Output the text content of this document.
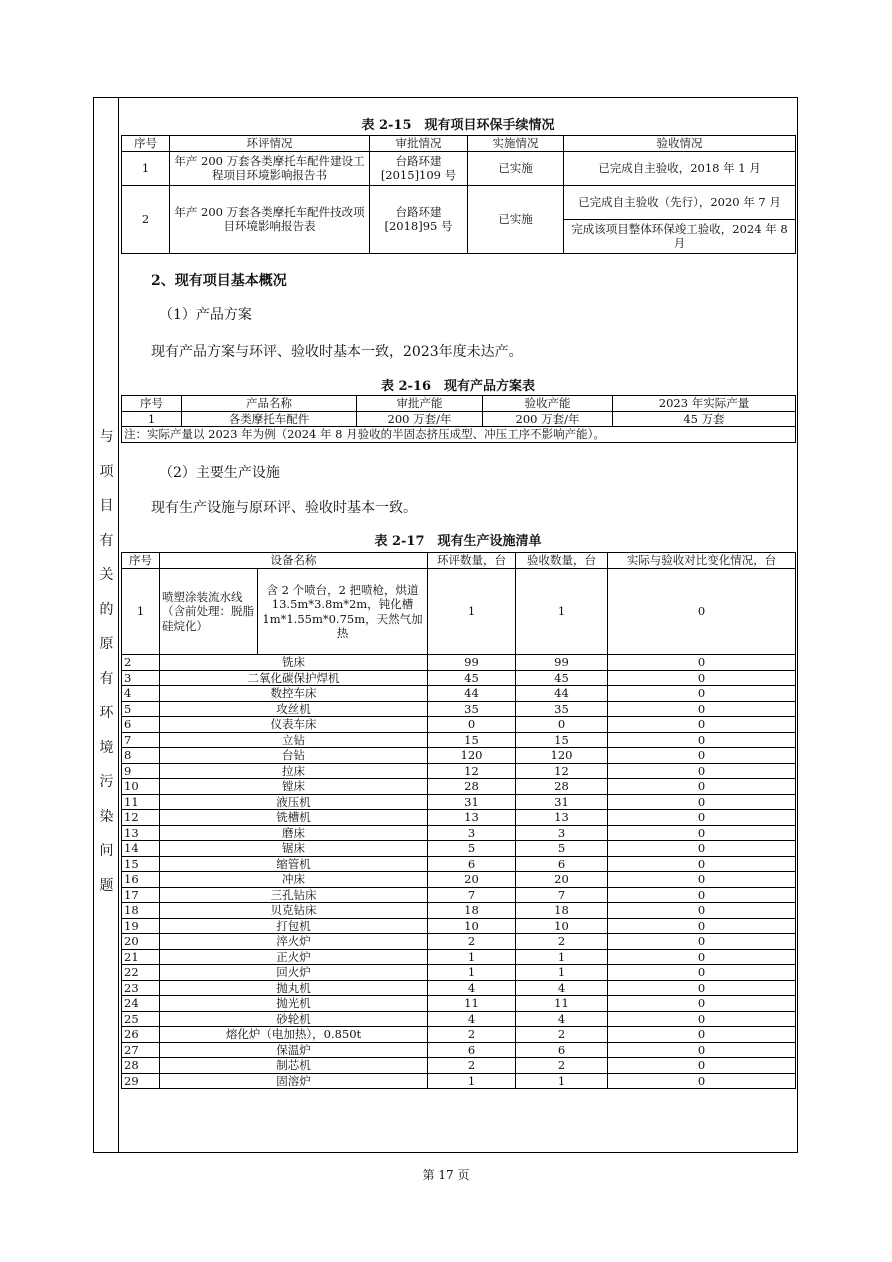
与
项
目
有
关
的
原
有
环
境
污
染
问
题
表 2-15　现有项目环保手续情况
序号	环评情况	审批情况	实施情况	验收情况
1	年产 200 万套各类摩托车配件建设工程项目环境影响报告书	台路环建[2015]109 号	已实施	已完成自主验收，2018 年 1 月
2	年产 200 万套各类摩托车配件技改项目环境影响报告表	台路环建[2018]95 号	已实施	已完成自主验收（先行），2020 年 7 月
				完成该项目整体环保竣工验收，2024 年 8 月
2、现有项目基本概况
（1）产品方案
现有产品方案与环评、验收时基本一致，2023年度未达产。
表 2-16　现有产品方案表
序号	产品名称	审批产能	验收产能	2023 年实际产量
1	各类摩托车配件	200 万套/年	200 万套/年	45 万套
注：实际产量以 2023 年为例（2024 年 8 月验收的半固态挤压成型、冲压工序不影响产能）。				
（2）主要生产设施
现有生产设施与原环评、验收时基本一致。
表 2-17　现有生产设施清单
序号	设备名称		环评数量，台	验收数量，台	实际与验收对比变化情况，台
1	喷塑涂装流水线（含前处理：脱脂硅烷化）	含 2 个喷台，2 把喷枪，烘道 13.5m*3.8m*2m，钝化槽 1m*1.55m*0.75m，天然气加热	1	1	0
2	铣床		99	99	0
3	二氧化碳保护焊机		45	45	0
4	数控车床		44	44	0
5	攻丝机		35	35	0
6	仪表车床		0	0	0
7	立钻		15	15	0
8	台钻		120	120	0
9	拉床		12	12	0
10	镗床		28	28	0
11	液压机		31	31	0
12	铣槽机		13	13	0
13	磨床		3	3	0
14	锯床		5	5	0
15	缩管机		6	6	0
16	冲床		20	20	0
17	三孔钻床		7	7	0
18	贝克钻床		18	18	0
19	打包机		10	10	0
20	淬火炉		2	2	0
21	正火炉		1	1	0
22	回火炉		1	1	0
23	抛丸机		4	4	0
24	抛光机		11	11	0
25	砂轮机		4	4	0
26	熔化炉（电加热），0.850t		2	2	0
27	保温炉		6	6	0
28	制芯机		2	2	0
29	固溶炉		1	1	0
第 17 页
